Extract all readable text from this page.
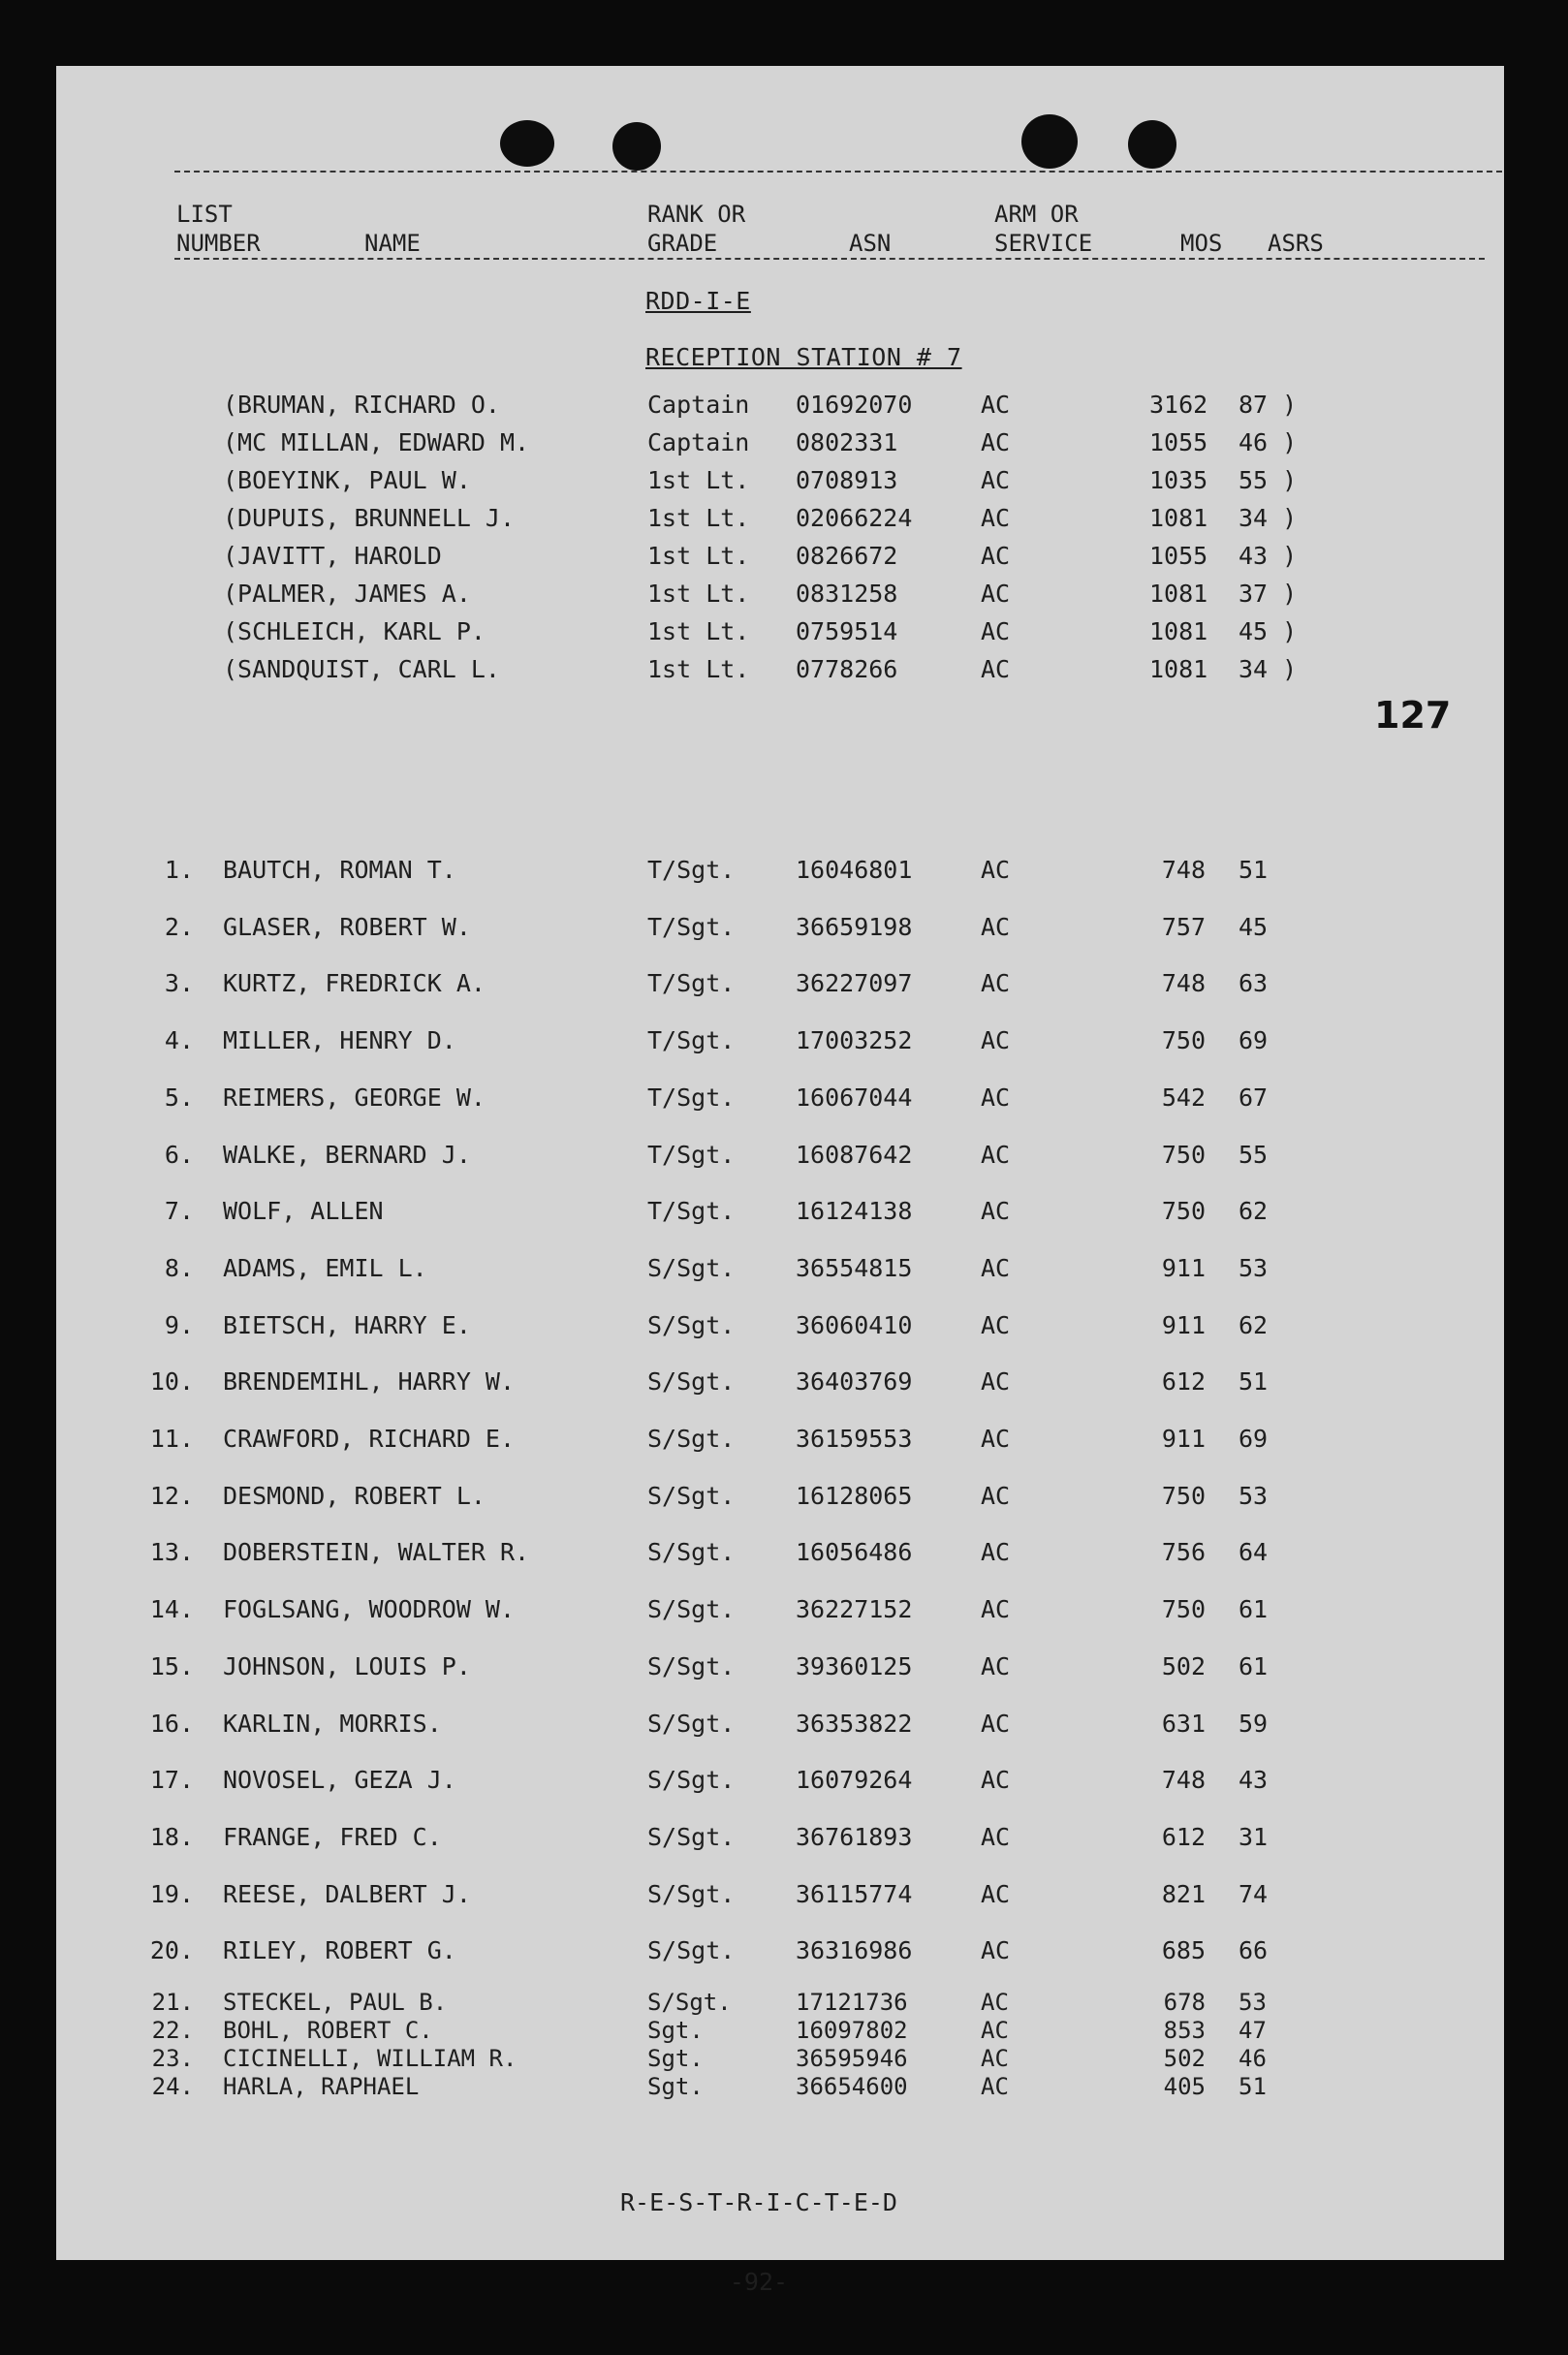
LIST
NUMBER	NAME
RANK OR
GRADE	ASN
ARM OR
SERVICE	MOS ASRS
RDD-I-E
RECEPTION STATION # 7
127
(BRUMAN, RICHARD O.	Captain 01692070	AC	3162 87 )
(MC MILLAN, EDWARD M.	Captain 0802331	AC	1055 46 )
(BOEYINK, PAUL W.	1st Lt. 0708913	AC	1035 55 )
(DUPUIS, BRUNNELL J.	1st Lt. 02066224	AC	1081 34 )
(JAVITT, HAROLD	1st Lt. 0826672	AC	1055 43 )
(PALMER, JAMES A.	1st Lt. 0831258	AC	1081 37 )
(SCHLEICH, KARL P.	1st Lt. 0759514	AC	1081 45 )
(SANDQUIST, CARL L.	1st Lt. 0778266	AC	1081 34 )
1. BAUTCH, ROMAN T.	T/Sgt.	16046801	AC	748 51
2. GLASER, ROBERT W.	T/Sgt.	36659198	AC	757 45
3. KURTZ, FREDRICK A.	T/Sgt.	36227097	AC	748 63
4. MILLER, HENRY D.	T/Sgt.	17003252	AC	750 69
5. REIMERS, GEORGE W.	T/Sgt.	16067044	AC	542 67
6. WALKE, BERNARD J.	T/Sgt.	16087642	AC	750 55
7. WOLF, ALLEN	T/Sgt.	16124138	AC	750 62
8. ADAMS, EMIL L.	S/Sgt.	36554815	AC	911 53
9. BIETSCH, HARRY E.	S/Sgt.	36060410	AC	911 62
10. BRENDEMIHL, HARRY W.	S/Sgt.	36403769	AC	612 51
11. CRAWFORD, RICHARD E.	S/Sgt.	36159553	AC	911 69
12. DESMOND, ROBERT L.	S/Sgt.	16128065	AC	750 53
13. DOBERSTEIN, WALTER R.	S/Sgt.	16056486	AC	756 64
14. FOGLSANG, WOODROW W.	S/Sgt.	36227152	AC	750 61
15. JOHNSON, LOUIS P.	S/Sgt.	39360125	AC	502 61
16. KARLIN, MORRIS.	S/Sgt.	36353822	AC	631 59
17. NOVOSEL, GEZA J.	S/Sgt.	16079264	AC	748 43
18. FRANGE, FRED C.	S/Sgt.	36761893	AC	612 31
19. REESE, DALBERT J.	S/Sgt.	36115774	AC	821 74
20. RILEY, ROBERT G.	S/Sgt.	36316986	AC	685 66
21. STECKEL, PAUL B.	S/Sgt.	17121736	AC	678 53
22. BOHL, ROBERT C.	Sgt.	16097802	AC	853 47
23. CICINELLI, WILLIAM R.	Sgt.	36595946	AC	502 46
24. HARLA, RAPHAEL	Sgt.	36654600	AC	405 51

R-E-S-T-R-I-C-T-E-D

-92-
